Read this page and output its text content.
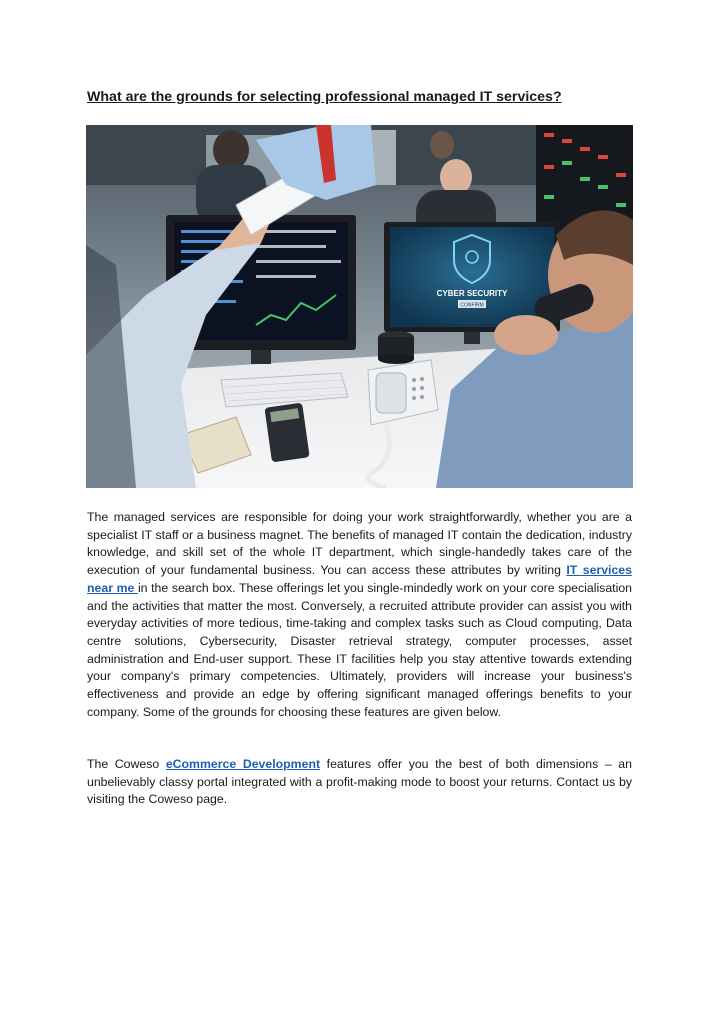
What are the grounds for selecting professional managed IT services?
CYBER SECURITY
CONFIRM

The managed services are responsible for doing your work straightforwardly, whether you are a specialist IT staff or a business magnet. The benefits of managed IT contain the dedication, industry knowledge, and skill set of the whole IT department, which single-handedly takes care of the execution of your fundamental business. You can access these attributes by writing IT services near me in the search box. These offerings let you single-mindedly work on your core specialisation and the activities that matter the most. Conversely, a recruited attribute provider can assist you with everyday activities of more tedious, time-taking and complex tasks such as Cloud computing, Data centre solutions, Cybersecurity, Disaster retrieval strategy, computer processes, asset administration and End-user support. These IT facilities help you stay attentive towards extending your company's primary competencies. Ultimately, providers will increase your business's effectiveness and provide an edge by offering significant managed offerings benefits to your company. Some of the grounds for choosing these features are given below.

The Coweso eCommerce Development features offer you the best of both dimensions – an unbelievably classy portal integrated with a profit-making mode to boost your returns. Contact us by visiting the Coweso page.
